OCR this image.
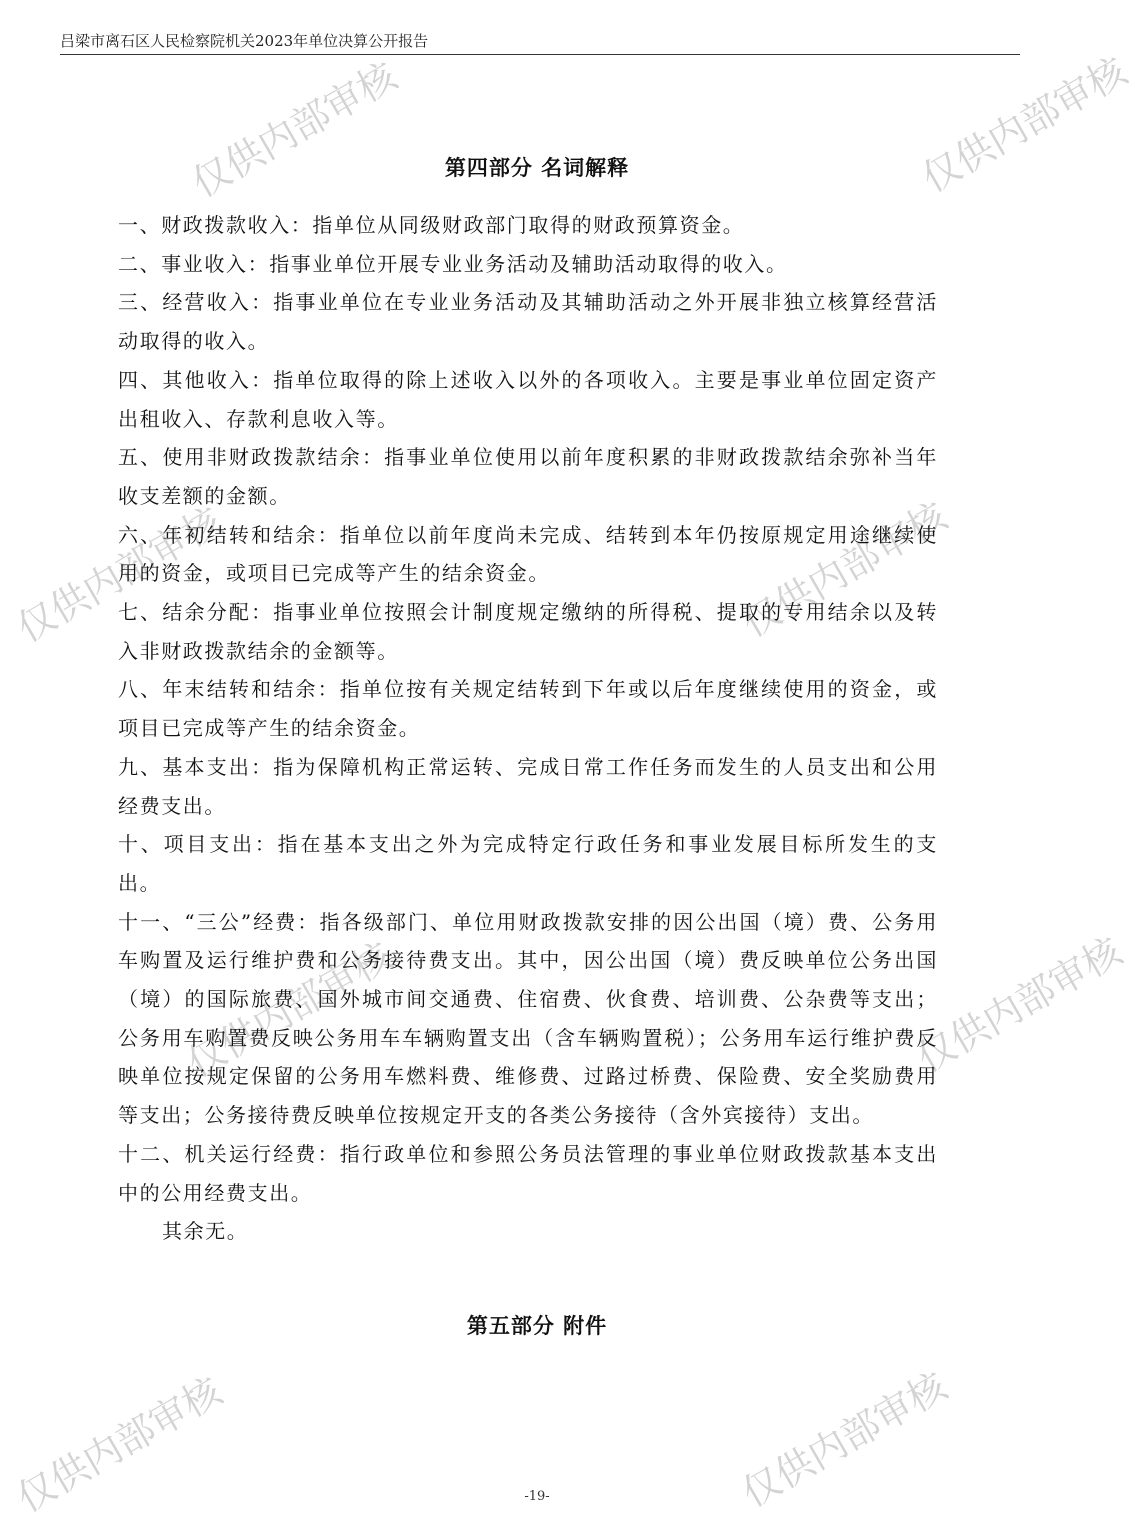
吕梁市离石区人民检察院机关2023年单位决算公开报告
仅供内部审核	仅供内部审核
仅供内部审核	仅供内部审核
仅供内部审核	仅供内部审核
仅供内部审核	仅供内部审核
第四部分 名词解释

一、财政拨款收入：指单位从同级财政部门取得的财政预算资金。

二、事业收入：指事业单位开展专业业务活动及辅助活动取得的收入。

三、经营收入：指事业单位在专业业务活动及其辅助活动之外开展非独立核算经营活动取得的收入。

四、其他收入：指单位取得的除上述收入以外的各项收入。主要是事业单位固定资产出租收入、存款利息收入等。

五、使用非财政拨款结余：指事业单位使用以前年度积累的非财政拨款结余弥补当年收支差额的金额。

六、年初结转和结余：指单位以前年度尚未完成、结转到本年仍按原规定用途继续使用的资金，或项目已完成等产生的结余资金。

七、结余分配：指事业单位按照会计制度规定缴纳的所得税、提取的专用结余以及转入非财政拨款结余的金额等。

八、年末结转和结余：指单位按有关规定结转到下年或以后年度继续使用的资金，或项目已完成等产生的结余资金。

九、基本支出：指为保障机构正常运转、完成日常工作任务而发生的人员支出和公用经费支出。

十、项目支出：指在基本支出之外为完成特定行政任务和事业发展目标所发生的支出。

十一、“三公”经费：指各级部门、单位用财政拨款安排的因公出国（境）费、公务用车购置及运行维护费和公务接待费支出。其中，因公出国（境）费反映单位公务出国（境）的国际旅费、国外城市间交通费、住宿费、伙食费、培训费、公杂费等支出；公务用车购置费反映公务用车车辆购置支出（含车辆购置税）；公务用车运行维护费反映单位按规定保留的公务用车燃料费、维修费、过路过桥费、保险费、安全奖励费用等支出；公务接待费反映单位按规定开支的各类公务接待（含外宾接待）支出。

十二、机关运行经费：指行政单位和参照公务员法管理的事业单位财政拨款基本支出中的公用经费支出。

其余无。

第五部分 附件
-19-
